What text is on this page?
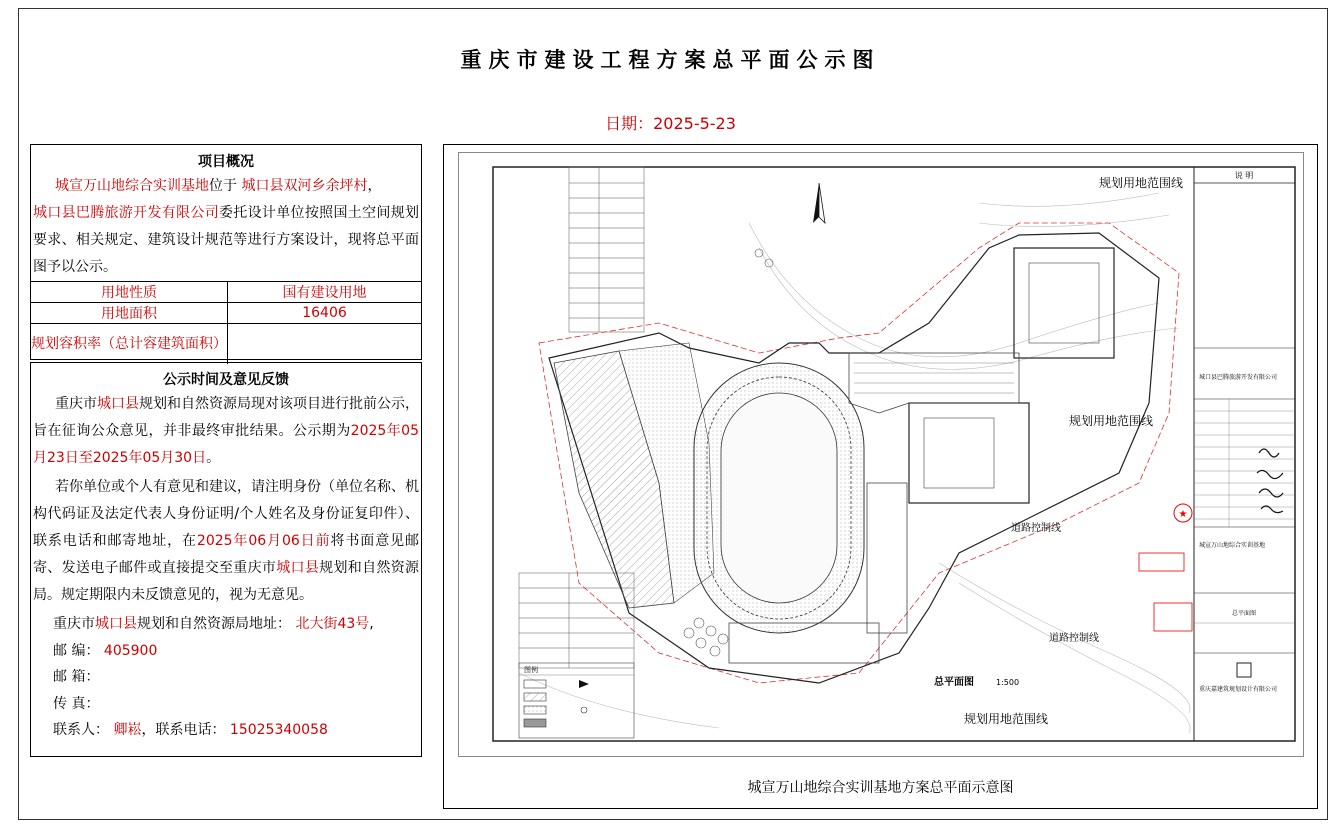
重庆市建设工程方案总平面公示图
日期：2025-5-23
项目概况
城宣万山地综合实训基地位于 城口县双河乡余坪村，
城口县巴腾旅游开发有限公司委托设计单位按照国土空间规划要求、相关规定、建筑设计规范等进行方案设计，现将总平面图予以公示。
用地性质	国有建设用地
用地面积	16406
规划容积率（总计容建筑面积）	
公示时间及意见反馈
重庆市城口县规划和自然资源局现对该项目进行批前公示，旨在征询公众意见，并非最终审批结果。公示期为2025年05月23日至2025年05月30日。
若你单位或个人有意见和建议，请注明身份（单位名称、机构代码证及法定代表人身份证明/个人姓名及身份证复印件）、联系电话和邮寄地址，在2025年06月06日前将书面意见邮寄、发送电子邮件或直接提交至重庆市城口县规划和自然资源局。规定期限内未反馈意见的，视为无意见。
重庆市城口县规划和自然资源局地址： 北大街43号,
邮 编： 405900
邮 箱：
传 真：
联系人： 卿崧，联系电话： 15025340058
说 明
城口县巴腾旅游开发有限公司
★
城宣万山地综合实训基地
总平面图
重庆嘉建筑规划设计有限公司
规划用地范围线
规划用地范围线
规划用地范围线
道路控制线
道路控制线
总平面图	1:500
图例
城宣万山地综合实训基地方案总平面示意图
